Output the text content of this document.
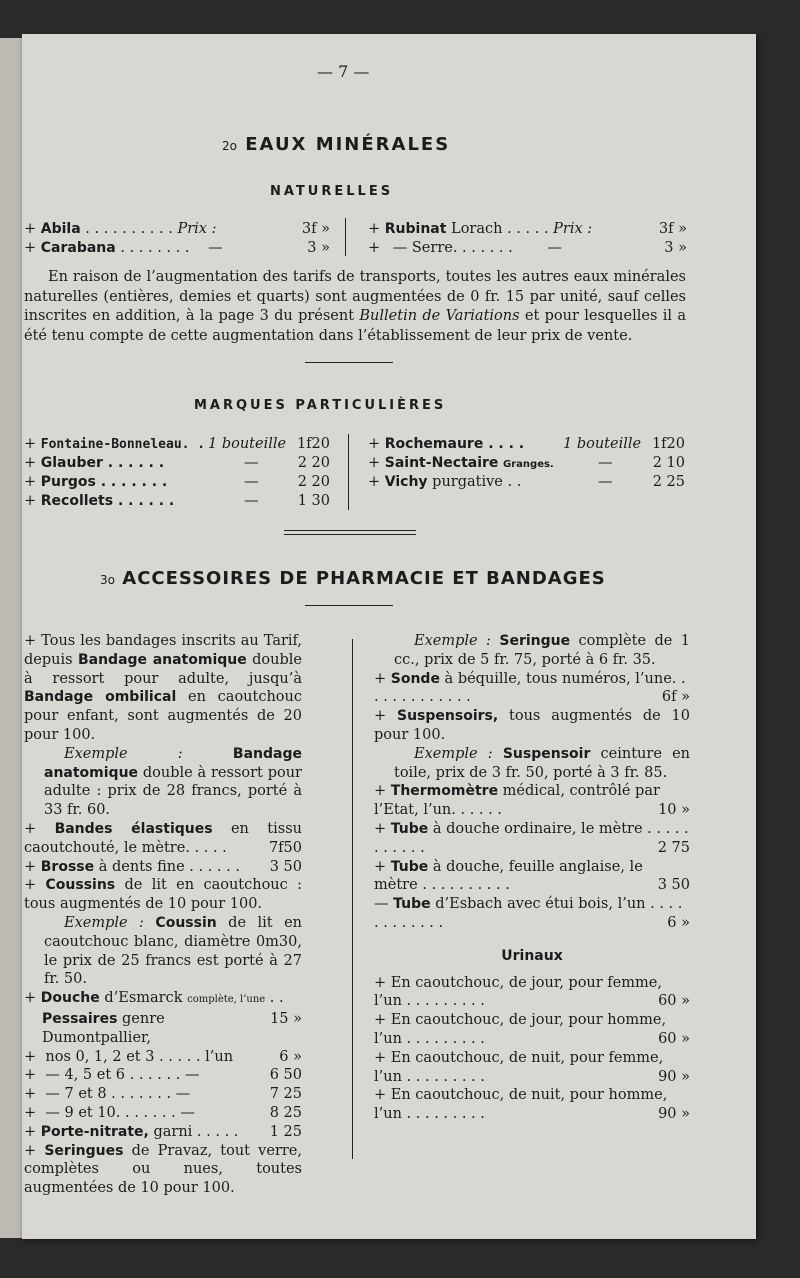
— 7 —
2o EAUX MINÉRALES
NATURELLES
+ Abila . . . . . . . . . . Prix :	3f »
+ Carabana . . . . . . . . —	3 »
+ Rubinat Lorach . . . . . Prix :	3f »
+ — Serre. . . . . . . —	3 »
En raison de l’augmentation des tarifs de transports, toutes les autres eaux minérales naturelles (entières, demies et quarts) sont augmentées de 0 fr. 15 par unité, sauf celles inscrites en addition, à la page 3 du présent Bulletin de Variations et pour lesquelles il a été tenu compte de cette augmentation dans l’établissement de leur prix de vente.
MARQUES PARTICULIÈRES
+ Fontaine-Bonneleau. . 1 bouteille 1f20
+ Glauber . . . . . .	—	2 20
+ Purgos . . . . . . .	—	2 20
+ Recollets . . . . . .	—	1 30
+ Rochemaure . . . .	1 bouteille 1f20
+ Saint-Nectaire Granges.	—	2 10
+ Vichy purgative . .	—	2 25
3o ACCESSOIRES DE PHARMACIE ET BANDAGES

+ Tous les bandages inscrits au Tarif, depuis Bandage anatomique double à ressort pour adulte, jusqu’à Bandage ombilical en caoutchouc pour enfant, sont augmentés de 20 pour 100.

Exemple :	Bandage anatomique double à ressort pour adulte : prix de 28 francs, porté à 33 fr. 60.

+ Bandes élastiques en tissu caoutchouté, le mètre. . . . .	7f50

+ Brosse à dents fine . . . . . . 3 50

+ Coussins de lit en caoutchouc : tous augmentés de 10 pour 100.

Exemple : Coussin de lit en caoutchouc blanc, diamètre 0m30, le prix de 25 francs est porté à 27 fr. 50.

+ Douche d’Esmarck complète, l’une . .
15 »

Pessaires genre Dumontpallier,

+  nos 0, 1, 2 et 3 . . . . . l’un	6 »

+  — 4, 5 et 6 . . . . . . —	6 50

+  — 7 et 8 . . . . . . . —	7 25

+  — 9 et 10. . . . . . . —	8 25

+ Porte-nitrate, garni . . . . . 1 25

+ Seringues de Pravaz, tout verre, complètes ou nues, toutes augmentées de 10 pour 100.

Exemple : Seringue complète de 1 cc., prix de 5 fr. 75, porté à 6 fr. 35.

+ Sonde à béquille, tous numéros, l’une. . . . . . . . . . . . .	6f »

+ Suspensoirs, tous augmentés de 10 pour 100.

Exemple : Suspensoir ceinture en toile, prix de 3 fr. 50, porté à 3 fr. 85.

+ Thermomètre médical, contrôlé par l’Etat, l’un. . . . . .	10 »

+ Tube à douche ordinaire, le mètre . . . . . . . . . . .	2 75

+ Tube à douche, feuille anglaise, le mètre . . . . . . . . . .	3 50

— Tube d’Esbach avec étui bois, l’un . . . . . . . . . . . .	6 »

Urinaux

+ En caoutchouc, de jour, pour femme, l’un . . . . . . . . .	60 »

+ En caoutchouc, de jour, pour homme, l’un . . . . . . . . .	60 »

+ En caoutchouc, de nuit, pour femme, l’un . . . . . . . . .	90 »

+ En caoutchouc, de nuit, pour homme, l’un . . . . . . . . .	90 »
